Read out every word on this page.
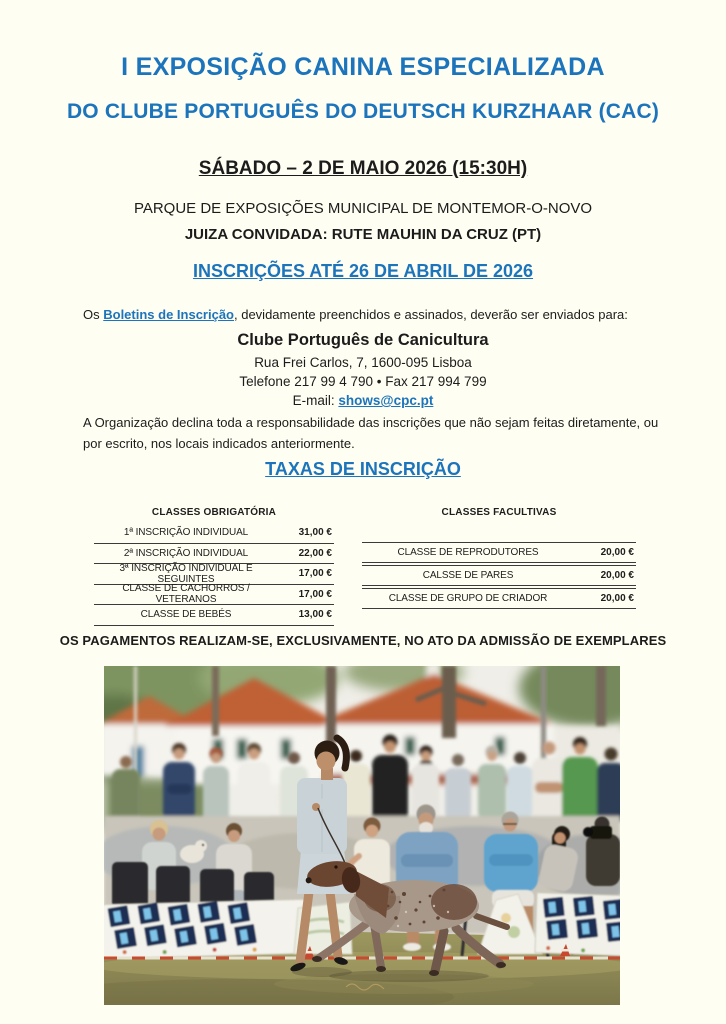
I EXPOSIÇÃO CANINA ESPECIALIZADA
DO CLUBE PORTUGUÊS DO DEUTSCH KURZHAAR (CAC)
SÁBADO – 2 DE MAIO 2026 (15:30H)
PARQUE DE EXPOSIÇÕES MUNICIPAL DE MONTEMOR-O-NOVO
JUIZA CONVIDADA: RUTE MAUHIN DA CRUZ (PT)
INSCRIÇÕES ATÉ 26 DE ABRIL DE 2026
Os Boletins de Inscrição, devidamente preenchidos e assinados, deverão ser enviados para:
Clube Português de Canicultura
Rua Frei Carlos, 7, 1600-095 Lisboa
Telefone 217 99 4 790 • Fax 217 994 799
E-mail: shows@cpc.pt
A Organização declina toda a responsabilidade das inscrições que não sejam feitas diretamente, ou por escrito, nos locais indicados anteriormente.
TAXAS DE INSCRIÇÃO
CLASSES OBRIGATÓRIA
1ª INSCRIÇÃO INDIVIDUAL	31,00 €
2ª INSCRIÇÃO INDIVIDUAL	22,00 €
3ª INSCRIÇÃO INDIVIDUAL E SEGUINTES	17,00 €
CLASSE DE CACHORROS / VETERANOS	17,00 €
CLASSE DE BEBÉS	13,00 €
CLASSES FACULTIVAS
CLASSE DE REPRODUTORES	20,00 €
CALSSE DE PARES	20,00 €
CLASSE DE GRUPO DE CRIADOR	20,00 €
OS PAGAMENTOS REALIZAM-SE, EXCLUSIVAMENTE, NO ATO DA ADMISSÃO DE EXEMPLARES
